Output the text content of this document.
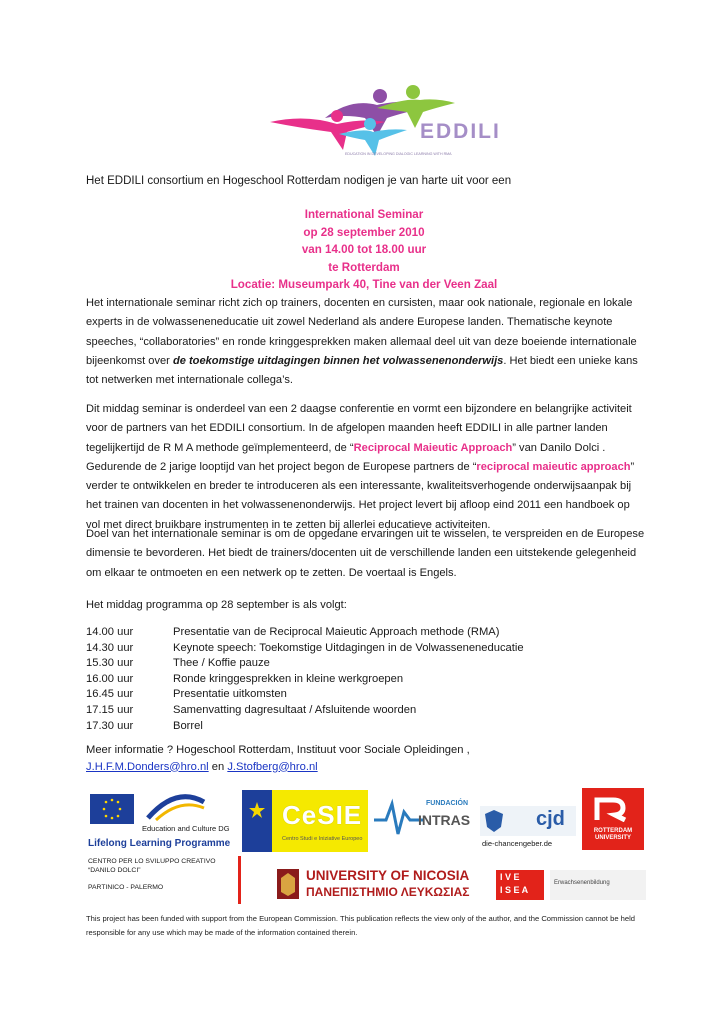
EDDILI
EDUCATION IN DEVELOPING DIALOGIC LEARNING WITH RMA
Het EDDILI consortium en Hogeschool Rotterdam nodigen je van harte uit voor een
International Seminar
op 28 september 2010
van 14.00 tot 18.00 uur
te Rotterdam
Locatie: Museumpark 40, Tine van der Veen Zaal

Het internationale seminar richt zich op trainers, docenten en cursisten, maar ook nationale, regionale en lokale experts in de volwasseneneducatie uit zowel Nederland als andere Europese landen. Thematische keynote speeches, “collaboratories” en ronde kringgesprekken maken allemaal deel uit van deze boeiende internationale bijeenkomst over de toekomstige uitdagingen binnen het volwassenenonderwijs. Het biedt een unieke kans tot netwerken met internationale collega’s.

Dit middag seminar is onderdeel van een 2 daagse conferentie en vormt een bijzondere en belangrijke activiteit voor de partners van het EDDILI consortium. In de afgelopen maanden heeft EDDILI in alle partner landen tegelijkertijd de R M A methode geïmplementeerd, de “Reciprocal Maieutic Approach” van Danilo Dolci . Gedurende de 2 jarige looptijd van het project begon de Europese partners de “reciprocal maieutic approach” verder te ontwikkelen en breder te introduceren als een interessante, kwaliteitsverhogende onderwijsaanpak bij het trainen van docenten in het volwassenenonderwijs. Het project levert bij afloop eind 2011 een handboek op vol met direct bruikbare instrumenten in te zetten bij allerlei educatieve activiteiten.

Doel van het internationale seminar is om de opgedane ervaringen uit te wisselen, te verspreiden en de Europese dimensie te bevorderen. Het biedt de trainers/docenten uit de verschillende landen een uitstekende gelegenheid om elkaar te ontmoeten en een netwerk op te zetten. De voertaal is Engels.

Het middag programma op 28 september is als volgt:

14.00 uur	Presentatie van de Reciprocal Maieutic Approach methode (RMA)
14.30 uur	Keynote speech: Toekomstige Uitdagingen in de Volwasseneneducatie
15.30 uur	Thee / Koffie pauze
16.00 uur	Ronde kringgesprekken in kleine werkgroepen
16.45 uur	Presentatie uitkomsten
17.15 uur	Samenvatting dagresultaat / Afsluitende woorden
17.30 uur	Borrel
Meer informatie ? Hogeschool Rotterdam, Instituut voor Sociale Opleidingen ,
J.H.F.M.Donders@hro.nl en J.Stofberg@hro.nl
Education and Culture DG
Lifelong Learning Programme
CeSIE
Centro Studi e Iniziative Europeo
FUNDACIÓN
INTRAS	cjd
die-chancengeber.de
ROTTERDAM UNIVERSITY
CENTRO PER LO SVILUPPO CREATIVO
“DANILO DOLCI”
PARTINICO - PALERMO
UNIVERSITY OF NICOSIA
ΠΑΝΕΠΙΣΤΗΜΙΟ ΛΕΥΚΩΣΙΑΣ
I V E
I S E A
Erwachsenenbildung
This project has been funded with support from the European Commission. This publication reflects the view only of the author, and the Commission cannot be held responsible for any use which may be made of the information contained therein.
